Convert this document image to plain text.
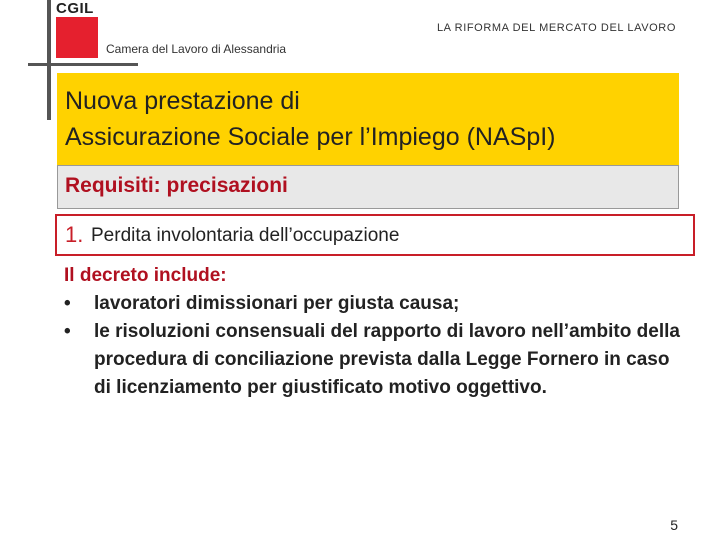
CGIL
Camera del Lavoro di Alessandria
LA RIFORMA DEL MERCATO DEL LAVORO
Nuova prestazione di
Assicurazione Sociale per l’Impiego (NASpI)
Requisiti: precisazioni
1. Perdita involontaria dell’occupazione
Il decreto include:
• lavoratori dimissionari per giusta causa;
• le risoluzioni consensuali del rapporto di lavoro nell’ambito della procedura di conciliazione prevista dalla Legge Fornero in caso di licenziamento per giustificato motivo oggettivo.
5
